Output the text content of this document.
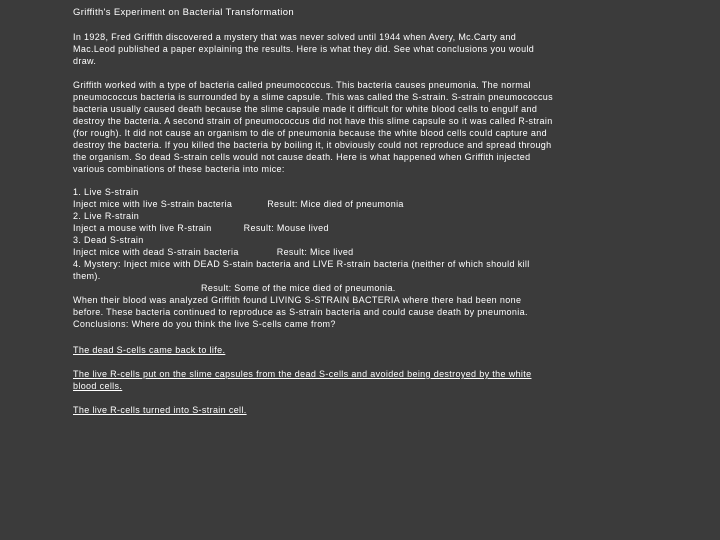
Griffith's Experiment on Bacterial Transformation
In 1928, Fred Griffith discovered a mystery that was never solved until 1944 when Avery, Mc.Carty and Mac.Leod published a paper explaining the results. Here is what they did. See what conclusions you would draw.
Griffith worked with a type of bacteria called pneumococcus. This bacteria causes pneumonia. The normal pneumococcus bacteria is surrounded by a slime capsule. This was called the S-strain. S-strain pneumococcus bacteria usually caused death because the slime capsule made it difficult for white blood cells to engulf and destroy the bacteria. A second strain of pneumococcus did not have this slime capsule so it was called R-strain (for rough). It did not cause an organism to die of pneumonia because the white blood cells could capture and destroy the bacteria. If you killed the bacteria by boiling it, it obviously could not reproduce and spread through the organism. So dead S-strain cells would not cause death. Here is what happened when Griffith injected various combinations of these bacteria into mice:
1. Live S-strain
Inject mice with live S-strain bacteria	Result: Mice died of pneumonia
2. Live R-strain
Inject a mouse with live R-strain	Result: Mouse lived
3. Dead S-strain
Inject mice with dead S-strain bacteria	Result: Mice lived
4. Mystery: Inject mice with DEAD S-stain bacteria and LIVE R-strain bacteria (neither of which should kill them).
Result: Some of the mice died of pneumonia.
When their blood was analyzed Griffith found LIVING S-STRAIN BACTERIA where there had been none before. These bacteria continued to reproduce as S-strain bacteria and could cause death by pneumonia.
Conclusions: Where do you think the live S-cells came from?
The dead S-cells came back to life.
The live R-cells put on the slime capsules from the dead S-cells and avoided being destroyed by the white blood cells.
The live R-cells turned into S-strain cell.
